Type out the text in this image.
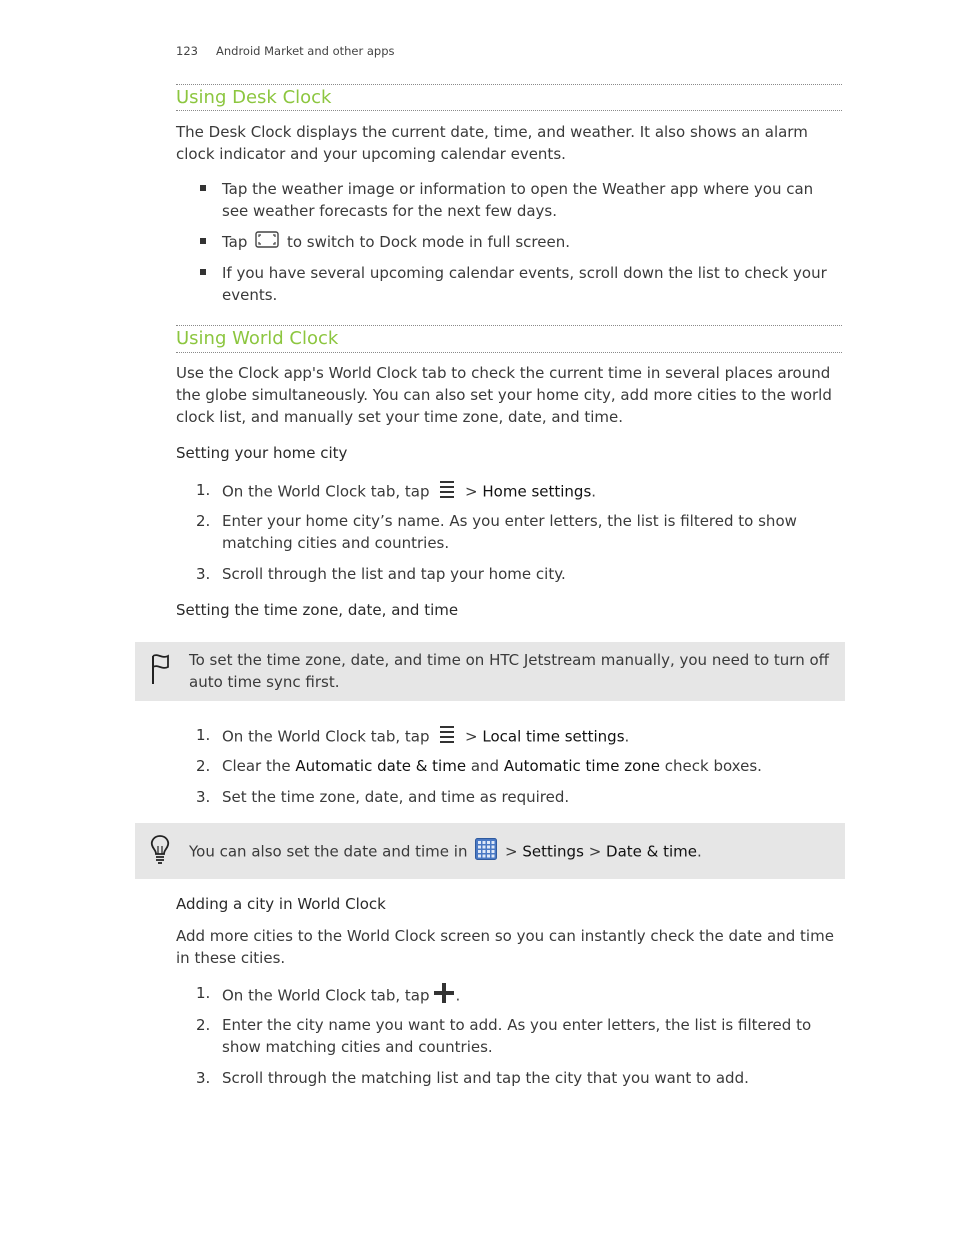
123 Android Market and other apps
Using Desk Clock

The Desk Clock displays the current date, time, and weather. It also shows an alarm clock indicator and your upcoming calendar events.

Tap the weather image or information to open the Weather app where you can see weather forecasts for the next few days.
Tap	to switch to Dock mode in full screen.
If you have several upcoming calendar events, scroll down the list to check your events.
Using World Clock

Use the Clock app's World Clock tab to check the current time in several places around the globe simultaneously. You can also set your home city, add more cities to the world clock list, and manually set your time zone, date, and time.

Setting your home city
1. On the World Clock tab, tap > Home settings.
2. Enter your home city’s name. As you enter letters, the list is filtered to show matching cities and countries.
3. Scroll through the list and tap your home city.
Setting the time zone, date, and time
To set the time zone, date, and time on HTC Jetstream manually, you need to turn off auto time sync first.
1. On the World Clock tab, tap > Local time settings.
2. Clear the Automatic date & time and Automatic time zone check boxes.
3. Set the time zone, date, and time as required.
You can also set the date and time in	> Settings > Date & time.
Adding a city in World Clock

Add more cities to the World Clock screen so you can instantly check the date and time in these cities.

1. On the World Clock tab, tap .
2. Enter the city name you want to add. As you enter letters, the list is filtered to show matching cities and countries.
3. Scroll through the matching list and tap the city that you want to add.
